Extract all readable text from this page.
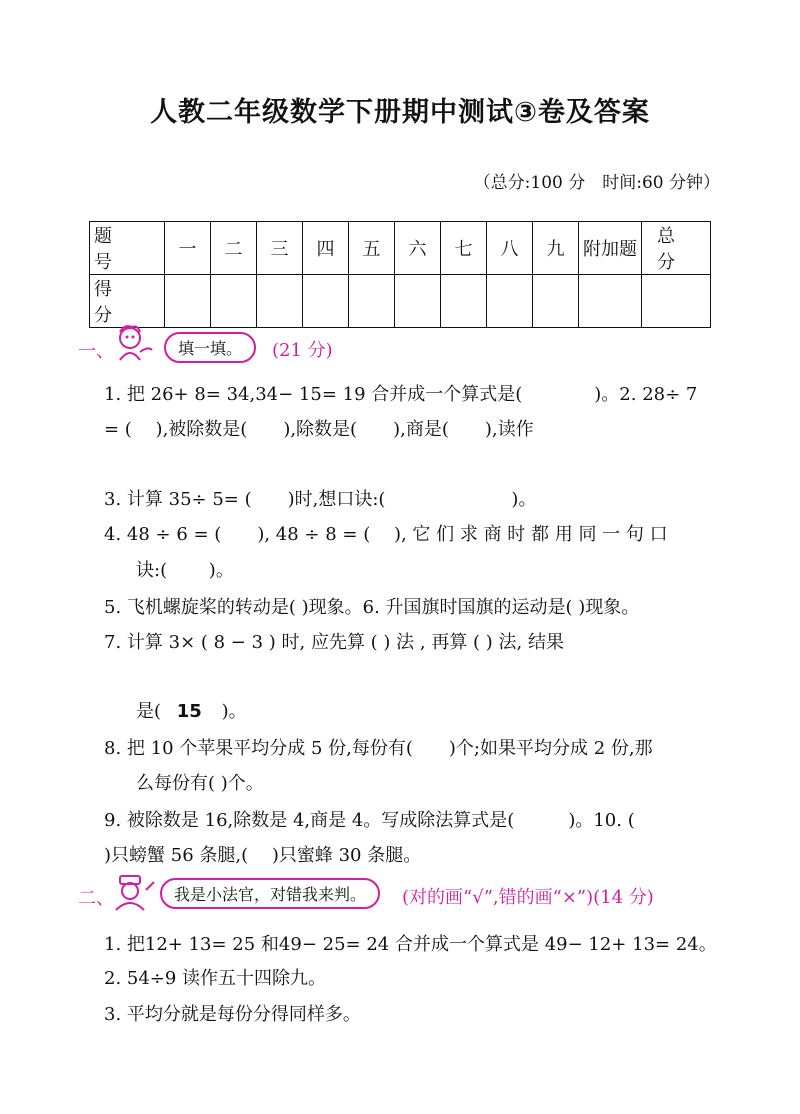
人教二年级数学下册期中测试③卷及答案
（总分:100 分　时间:60 分钟）
题号	一	二	三	四	五	六	七	八	九	附加题	总分
得分											
一、	填一填。	(21 分)
1. 把 26+ 8= 34,34− 15= 19 合并成一个算式是(　　　　)。2. 28÷ 7
= (　 ),被除数是(　　),除数是(　　),商是(　　),读作
3. 计算 35÷ 5= (　　)时,想口诀:(　　　　　　　)。
4. 48 ÷ 6 = (　　), 48 ÷ 8 = (　 ), 它 们 求 商 时 都 用 同 一 句 口
诀:(　　 )。
5. 飞机螺旋桨的转动是( )现象。6. 升国旗时国旗的运动是( )现象。
7. 计算 3× ( 8 − 3 ) 时, 应先算 ( ) 法 , 再算 ( ) 法, 结果
是( 15 )。
8. 把 10 个苹果平均分成 5 份,每份有(　　)个;如果平均分成 2 份,那
么每份有( )个。
9. 被除数是 16,除数是 4,商是 4。写成除法算式是(　　　)。10. (
)只螃蟹 56 条腿,(　 )只蜜蜂 30 条腿。
二、	我是小法官，对错我来判。	(对的画“√”,错的画“×”)(14 分)
1. 把12+ 13= 25 和49− 25= 24 合并成一个算式是 49− 12+ 13= 24。
2. 54÷9 读作五十四除九。
3. 平均分就是每份分得同样多。
